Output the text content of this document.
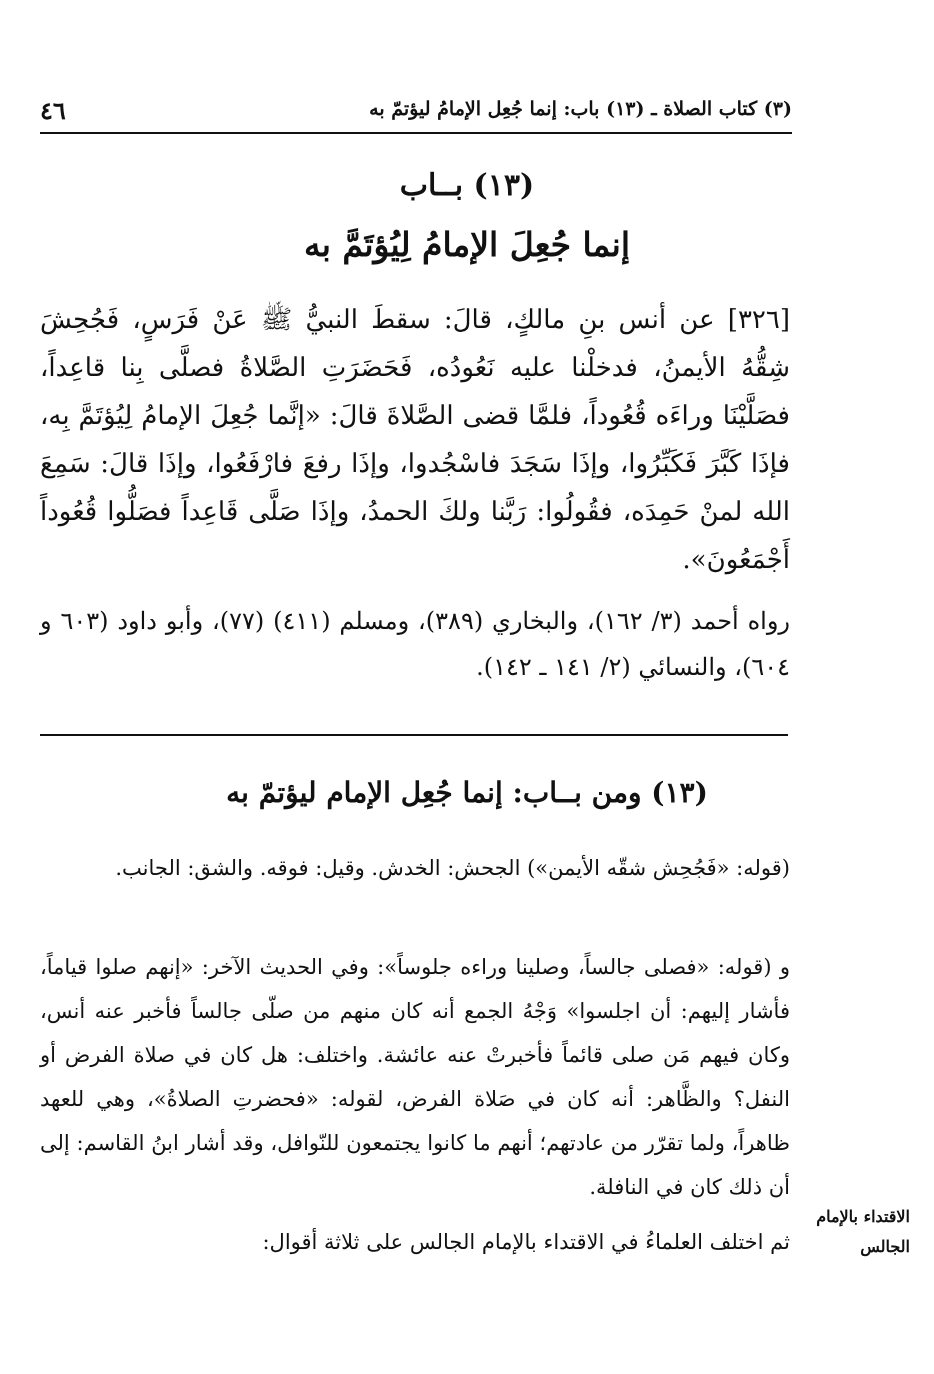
٤٦	(٣) كتاب الصلاة ـ (١٣) باب: إنما جُعِل الإمامُ ليؤتمّ به
(١٣) بــاب
إنما جُعِلَ الإمامُ لِيُؤتَمَّ به
[٣٢٦] عن أنس بنِ مالكٍ، قالَ: سقطَ النبيُّ ﷺ عَنْ فَرَسٍ، فَجُحِشَ شِقُّهُ الأيمنُ، فدخلْنا عليه نَعُودُه، فَحَضَرَتِ الصَّلاةُ فصلَّى بِنا قاعِداً، فصَلَّيْنَا وراءَه قُعُوداً، فلمَّا قضى الصَّلاةَ قالَ: «إنَّما جُعِلَ الإمامُ لِيُؤتَمَّ بِه، فإذَا كَبَّرَ فَكَبِّرُوا، وإذَا سَجَدَ فاسْجُدوا، وإذَا رفعَ فارْفَعُوا، وإذَا قالَ: سَمِعَ الله لمنْ حَمِدَه، فقُولُوا: رَبَّنا ولكَ الحمدُ، وإذَا صَلَّى قَاعِداً فصَلُّوا قُعُوداً أَجْمَعُونَ».
رواه أحمد (٣/ ١٦٢)، والبخاري (٣٨٩)، ومسلم (٤١١) (٧٧)، وأبو داود (٦٠٣ و ٦٠٤)، والنسائي (٢/ ١٤١ ـ ١٤٢).
(١٣) ومن بــاب: إنما جُعِل الإمام ليؤتمّ به
(قوله: «فَجُحِش شقّه الأيمن») الجحش: الخدش. وقيل: فوقه. والشق: الجانب.
و (قوله: «فصلى جالساً، وصلينا وراءه جلوساً»: وفي الحديث الآخر: «إنهم صلوا قياماً، فأشار إليهم: أن اجلسوا» وَجْهُ الجمع أنه كان منهم من صلّى جالساً فأخبر عنه أنس، وكان فيهم مَن صلى قائماً فأخبرتْ عنه عائشة. واختلف: هل كان في صلاة الفرض أو النفل؟ والظَّاهر: أنه كان في صَلاة الفرض، لقوله: «فحضرتِ الصلاةُ»، وهي للعهد ظاهراً، ولما تقرّر من عادتهم؛ أنهم ما كانوا يجتمعون للنّوافل، وقد أشار ابنُ القاسم: إلى أن ذلك كان في النافلة.
ثم اختلف العلماءُ في الاقتداء بالإمام الجالس على ثلاثة أقوال:
الاقتداء بالإمام الجالس
